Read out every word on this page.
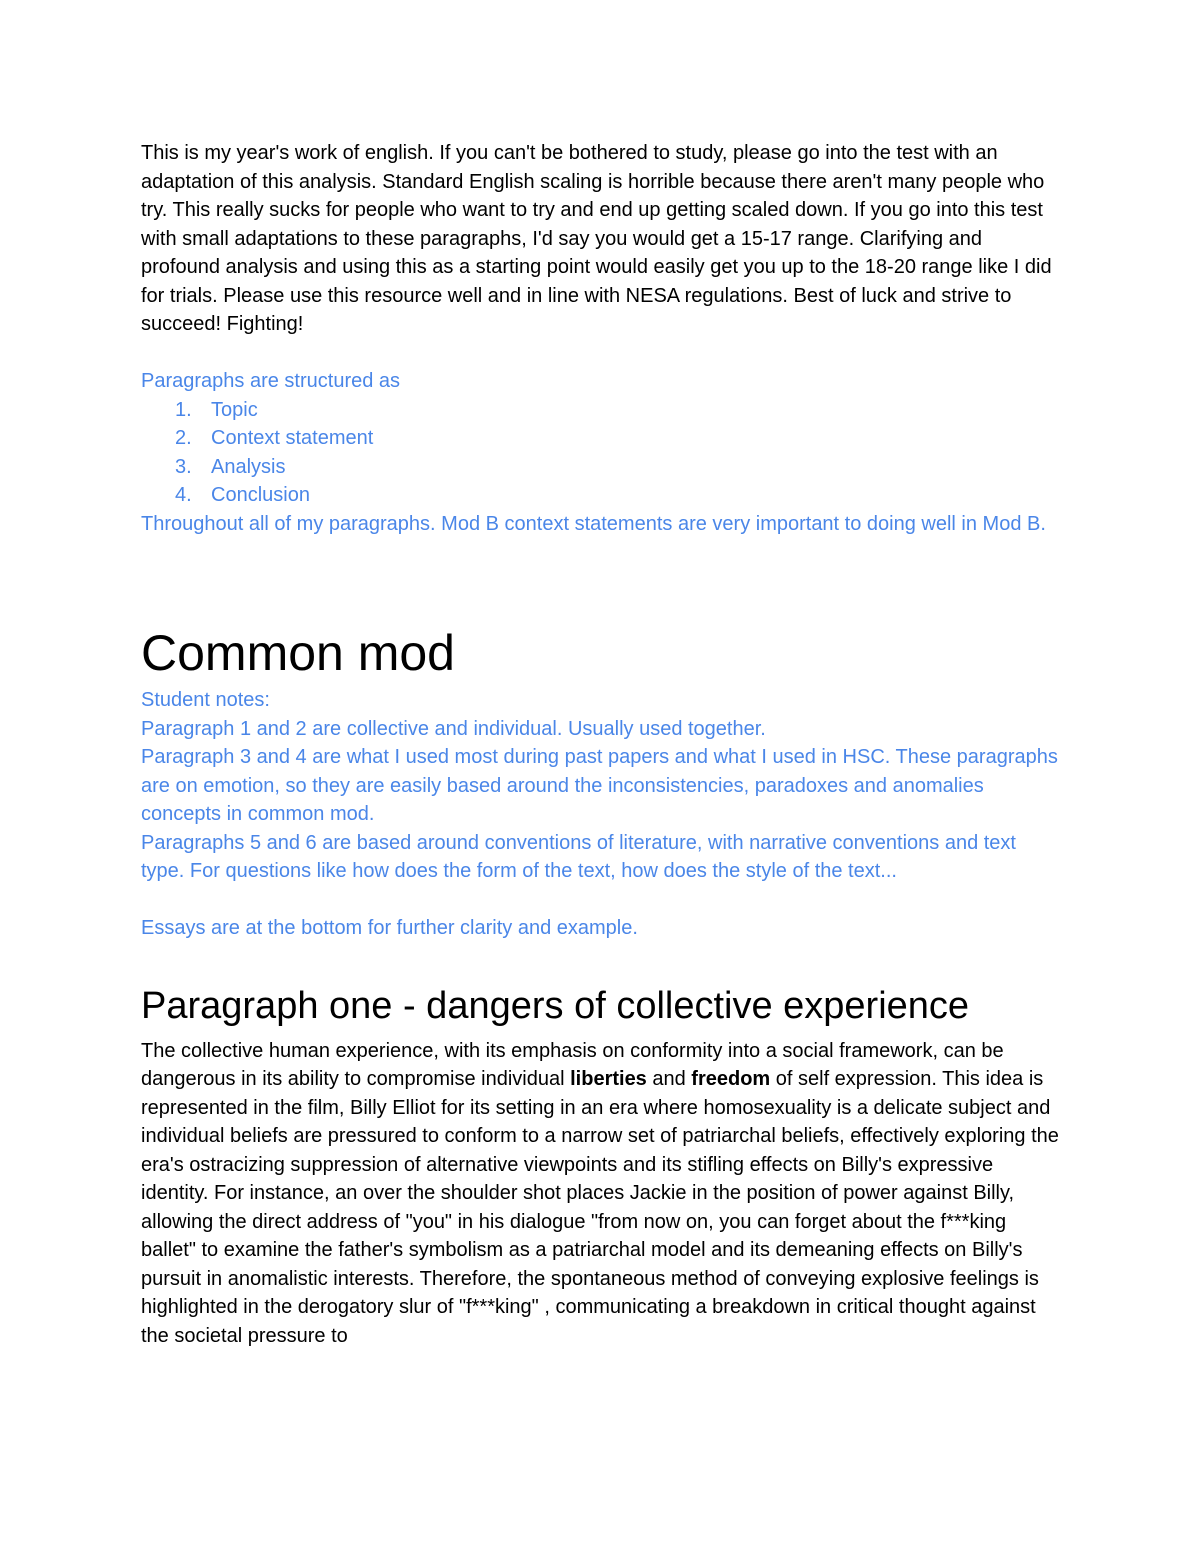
This is my year's work of english. If you can't be bothered to study, please go into the test with an adaptation of this analysis. Standard English scaling is horrible because there aren't many people who try. This really sucks for people who want to try and end up getting scaled down. If you go into this test with small adaptations to these paragraphs, I'd say you would get a 15-17 range. Clarifying and profound analysis and using this as a starting point would easily get you up to the 18-20 range like I did for trials. Please use this resource well and in line with NESA regulations. Best of luck and strive to succeed! Fighting!

Paragraphs are structured as

1. Topic
2. Context statement
3. Analysis
4. Conclusion

Throughout all of my paragraphs. Mod B context statements are very important to doing well in Mod B.

Common mod

Student notes:

Paragraph 1 and 2 are collective and individual. Usually used together.

Paragraph 3 and 4 are what I used most during past papers and what I used in HSC. These paragraphs are on emotion, so they are easily based around the inconsistencies, paradoxes and anomalies concepts in common mod.

Paragraphs 5 and 6 are based around conventions of literature, with narrative conventions and text type. For questions like how does the form of the text, how does the style of the text...

Essays are at the bottom for further clarity and example.

Paragraph one - dangers of collective experience

The collective human experience, with its emphasis on conformity into a social framework, can be dangerous in its ability to compromise individual liberties and freedom of self expression. This idea is represented in the film, Billy Elliot for its setting in an era where homosexuality is a delicate subject and individual beliefs are pressured to conform to a narrow set of patriarchal beliefs, effectively exploring the era's ostracizing suppression of alternative viewpoints and its stifling effects on Billy's expressive identity. For instance, an over the shoulder shot places Jackie in the position of power against Billy, allowing the direct address of "you" in his dialogue "from now on, you can forget about the f***king ballet" to examine the father's symbolism as a patriarchal model and its demeaning effects on Billy's pursuit in anomalistic interests. Therefore, the spontaneous method of conveying explosive feelings is highlighted in the derogatory slur of "f***king" , communicating a breakdown in critical thought against the societal pressure to
